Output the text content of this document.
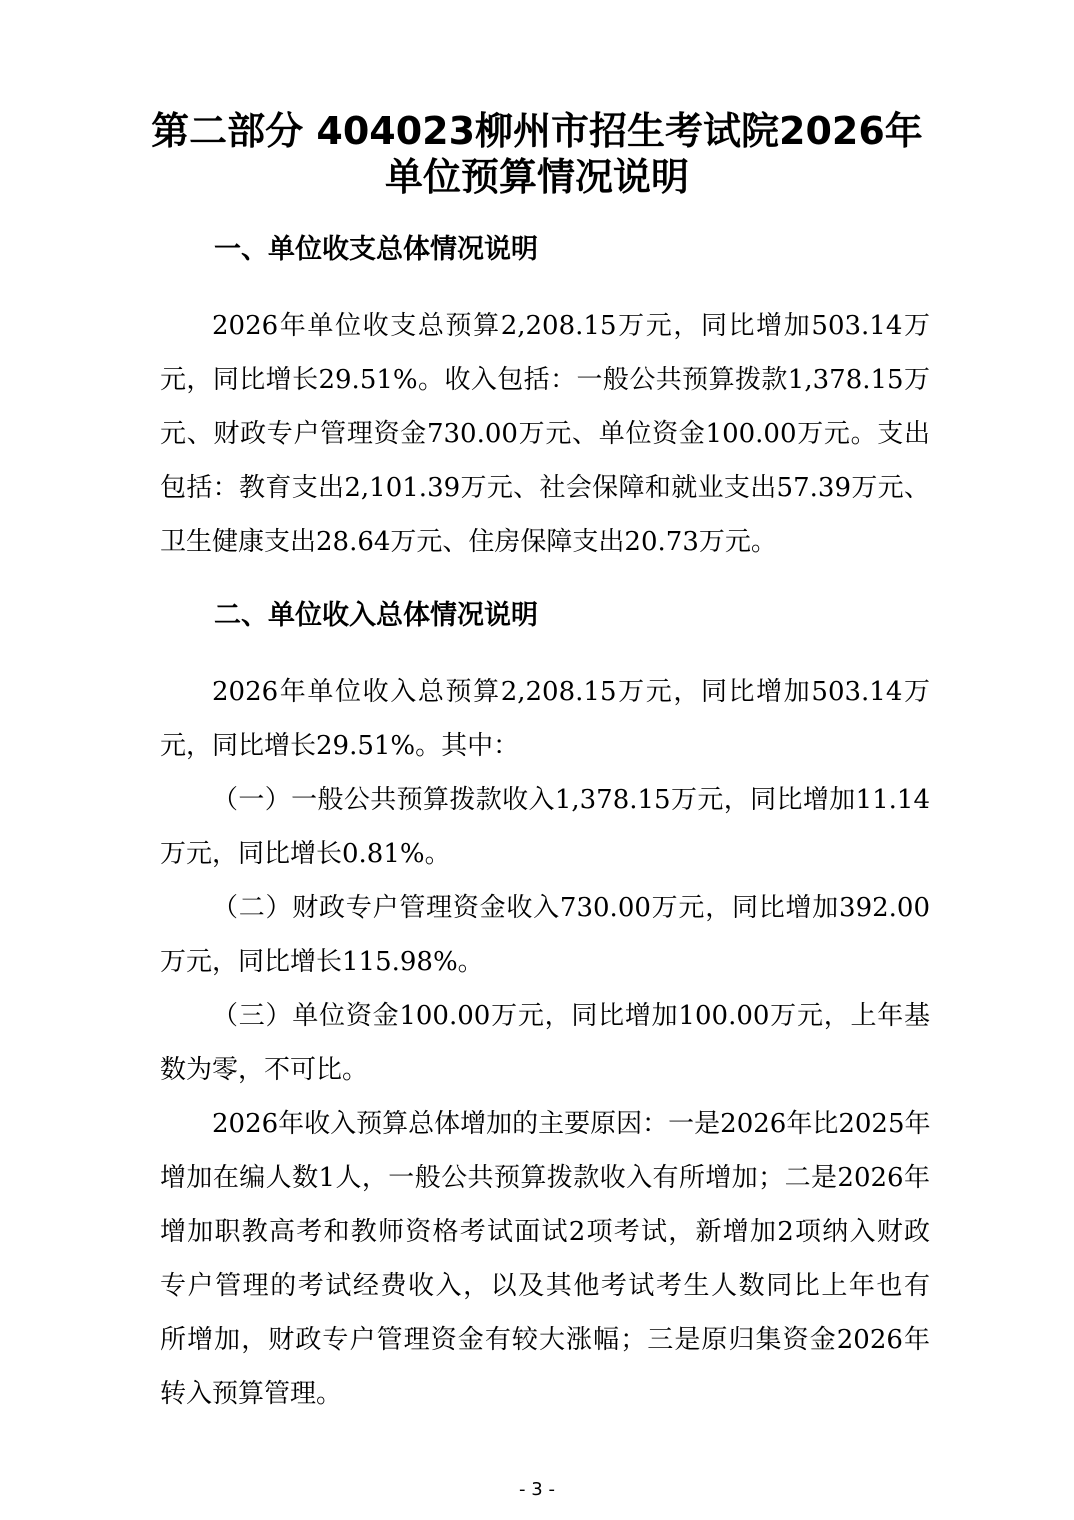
第二部分 404023柳州市招生考试院2026年
单位预算情况说明
一、单位收支总体情况说明
2026年单位收支总预算2,208.15万元，同比增加503.14万
元，同比增长29.51%。收入包括：一般公共预算拨款1,378.15万
元、财政专户管理资金730.00万元、单位资金100.00万元。支出
包括：教育支出2,101.39万元、社会保障和就业支出57.39万元、
卫生健康支出28.64万元、住房保障支出20.73万元。
二、单位收入总体情况说明
2026年单位收入总预算2,208.15万元，同比增加503.14万
元，同比增长29.51%。其中：
（一）一般公共预算拨款收入1,378.15万元，同比增加11.14
万元，同比增长0.81%。
（二）财政专户管理资金收入730.00万元，同比增加392.00
万元，同比增长115.98%。
（三）单位资金100.00万元，同比增加100.00万元，上年基
数为零，不可比。
2026年收入预算总体增加的主要原因：一是2026年比2025年
增加在编人数1人，一般公共预算拨款收入有所增加；二是2026年
增加职教高考和教师资格考试面试2项考试，新增加2项纳入财政
专户管理的考试经费收入，以及其他考试考生人数同比上年也有
所增加，财政专户管理资金有较大涨幅；三是原归集资金2026年
转入预算管理。
- 3 -
